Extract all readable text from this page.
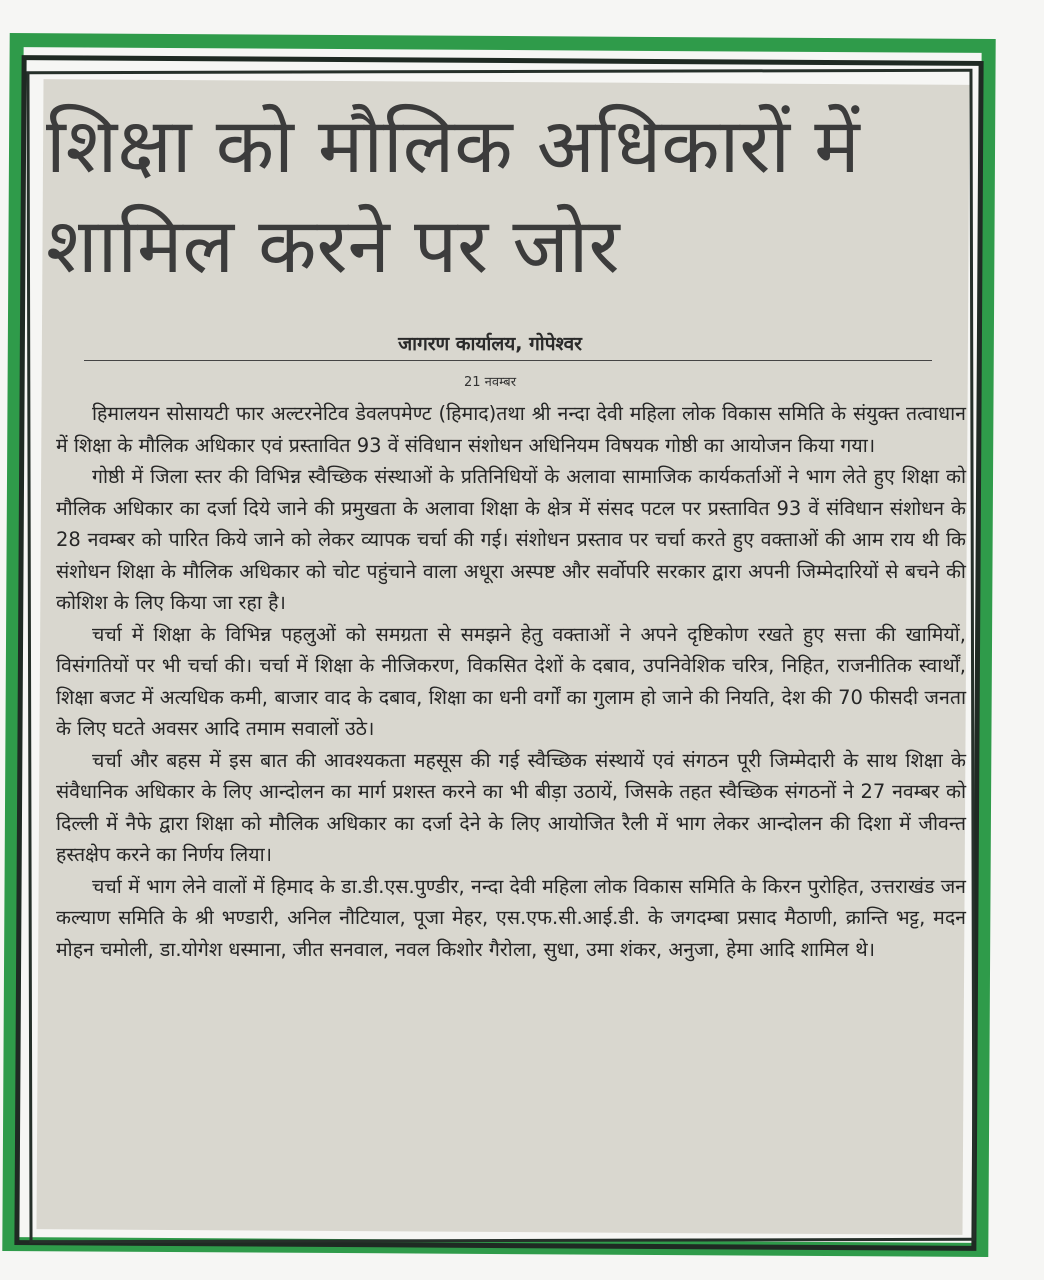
शिक्षा को मौलिक अधिकारों में
शामिल करने पर जोर
जागरण कार्यालय, गोपेश्वर
21 नवम्बर

हिमालयन सोसायटी फार अल्टरनेटिव डेवलपमेण्ट (हिमाद)तथा श्री नन्दा देवी महिला लोक विकास समिति के संयुक्त तत्वाधान में शिक्षा के मौलिक अधिकार एवं प्रस्तावित 93 वें संविधान संशोधन अधिनियम विषयक गोष्ठी का आयोजन किया गया।

गोष्ठी में जिला स्तर की विभिन्न स्वैच्छिक संस्थाओं के प्रतिनिधियों के अलावा सामाजिक कार्यकर्ताओं ने भाग लेते हुए शिक्षा को मौलिक अधिकार का दर्जा दिये जाने की प्रमुखता के अलावा शिक्षा के क्षेत्र में संसद पटल पर प्रस्तावित 93 वें संविधान संशोधन के 28 नवम्बर को पारित किये जाने को लेकर व्यापक चर्चा की गई। संशोधन प्रस्ताव पर चर्चा करते हुए वक्ताओं की आम राय थी कि संशोधन शिक्षा के मौलिक अधिकार को चोट पहुंचाने वाला अधूरा अस्पष्ट और सर्वोपरि सरकार द्वारा अपनी जिम्मेदारियों से बचने की कोशिश के लिए किया जा रहा है।

चर्चा में शिक्षा के विभिन्न पहलुओं को समग्रता से समझने हेतु वक्ताओं ने अपने दृष्टिकोण रखते हुए सत्ता की खामियों, विसंगतियों पर भी चर्चा की। चर्चा में शिक्षा के नीजिकरण, विकसित देशों के दबाव, उपनिवेशिक चरित्र, निहित, राजनीतिक स्वार्थों, शिक्षा बजट में अत्यधिक कमी, बाजार वाद के दबाव, शिक्षा का धनी वर्गों का गुलाम हो जाने की नियति, देश की 70 फीसदी जनता के लिए घटते अवसर आदि तमाम सवालों उठे।

चर्चा और बहस में इस बात की आवश्यकता महसूस की गई स्वैच्छिक संस्थायें एवं संगठन पूरी जिम्मेदारी के साथ शिक्षा के संवैधानिक अधिकार के लिए आन्दोलन का मार्ग प्रशस्त करने का भी बीड़ा उठायें, जिसके तहत स्वैच्छिक संगठनों ने 27 नवम्बर को दिल्ली में नैफे द्वारा शिक्षा को मौलिक अधिकार का दर्जा देने के लिए आयोजित रैली में भाग लेकर आन्दोलन की दिशा में जीवन्त हस्तक्षेप करने का निर्णय लिया।

चर्चा में भाग लेने वालों में हिमाद के डा.डी.एस.पुण्डीर, नन्दा देवी महिला लोक विकास समिति के किरन पुरोहित, उत्तराखंड जन कल्याण समिति के श्री भण्डारी, अनिल नौटियाल, पूजा मेहर, एस.एफ.सी.आई.डी. के जगदम्बा प्रसाद मैठाणी, क्रान्ति भट्ट, मदन मोहन चमोली, डा.योगेश धस्माना, जीत सनवाल, नवल किशोर गैरोला, सुधा, उमा शंकर, अनुजा, हेमा आदि शामिल थे।
